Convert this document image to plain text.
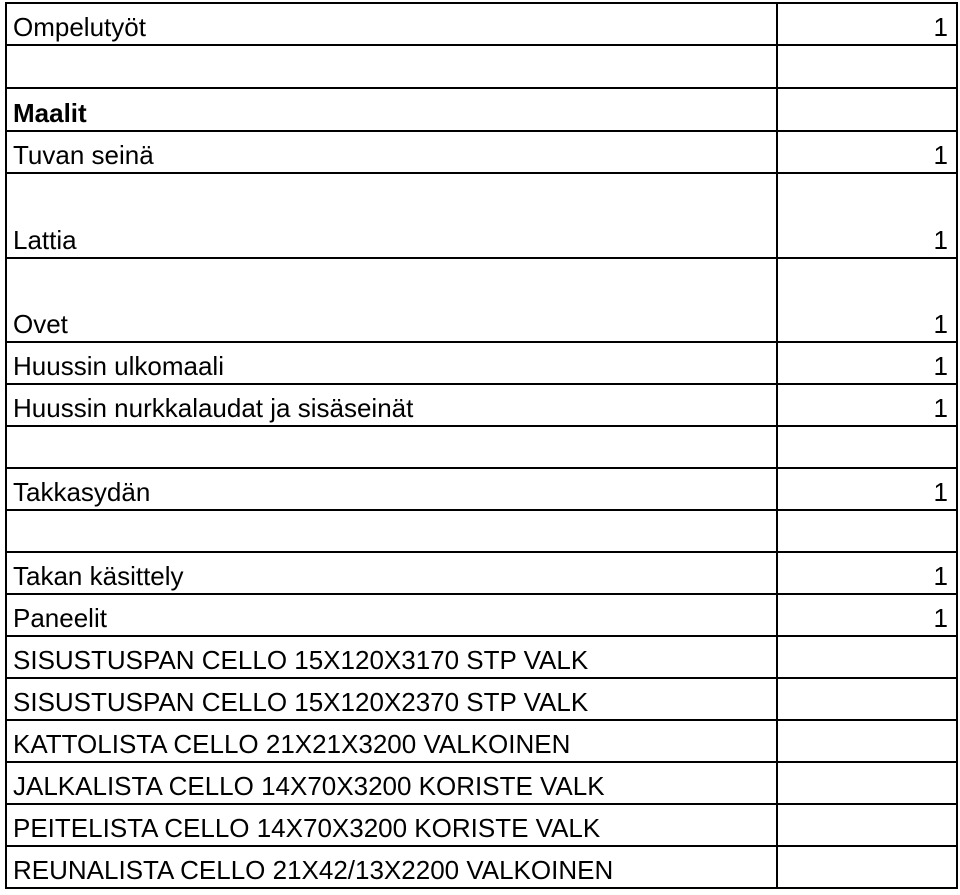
Ompelutyöt	1

Maalit	
Tuvan seinä	1
Lattia	1
Ovet	1
Huussin ulkomaali	1
Huussin nurkkalaudat ja sisäseinät	1

Takkasydän	1

Takan käsittely	1
Paneelit	1
SISUSTUSPAN CELLO 15X120X3170 STP VALK	
SISUSTUSPAN CELLO 15X120X2370 STP VALK	
KATTOLISTA CELLO 21X21X3200 VALKOINEN	
JALKALISTA CELLO 14X70X3200 KORISTE VALK	
PEITELISTA CELLO 14X70X3200 KORISTE VALK	
REUNALISTA CELLO 21X42/13X2200 VALKOINEN	
